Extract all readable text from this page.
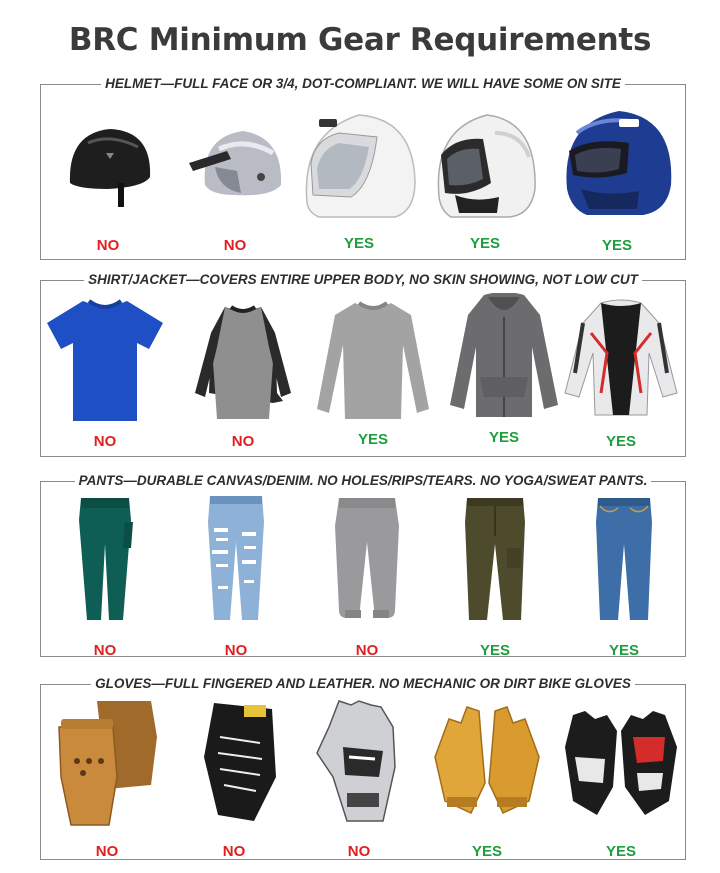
BRC Minimum Gear Requirements
HELMET—FULL FACE OR 3/4, DOT-COMPLIANT. WE WILL HAVE SOME ON SITE
NO	NO	YES	YES	YES
SHIRT/JACKET—COVERS ENTIRE UPPER BODY, NO SKIN SHOWING, NOT LOW CUT
NO	NO	YES	YES	YES
PANTS—DURABLE CANVAS/DENIM. NO HOLES/RIPS/TEARS. NO YOGA/SWEAT PANTS.
NO	NO	NO	YES	YES
GLOVES—FULL FINGERED AND LEATHER. NO MECHANIC OR DIRT BIKE GLOVES
NO	NO	NO	YES	YES
